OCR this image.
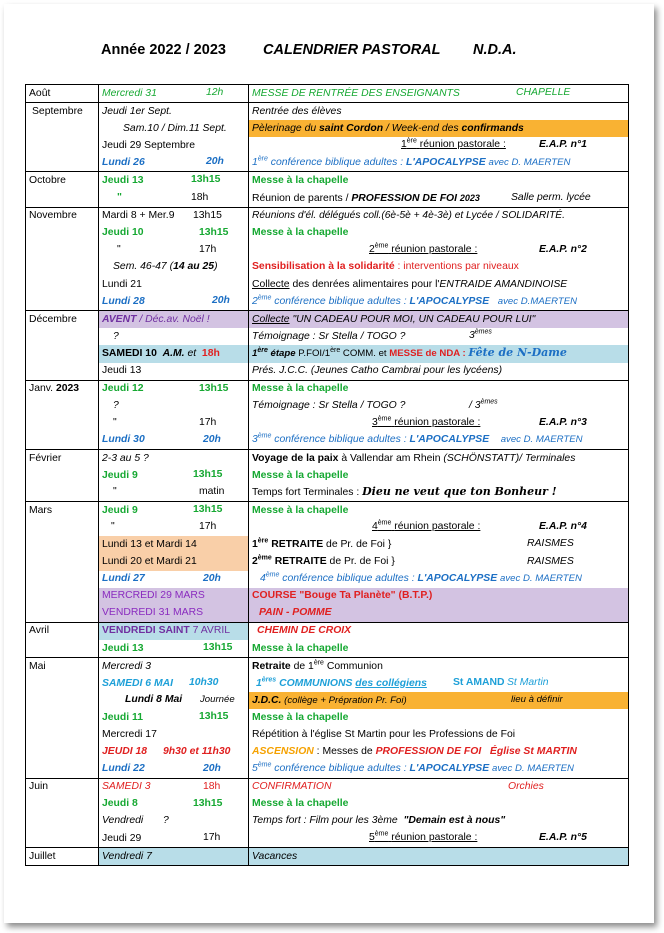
Année 2022 / 2023	CALENDRIER PASTORAL N.D.A.
Août	Mercredi 31 12h	MESSE DE RENTRÉE DES ENSEIGNANTS CHAPELLE

Septembre	Jeudi 1er Sept.	Rentrée des élèves
	Sam.10 / Dim.11 Sept.	Pèlerinage du saint Cordon / Week-end des confirmands
	Jeudi 29 Septembre	1ère réunion pastorale : E.A.P. n°1

	Lundi 26 20h	1ère conférence biblique adultes : L'APOCALYPSE avec D. MAERTEN
Octobre	Jeudi 13 13h15	Messe à la chapelle

	" 18h	Réunion de parents / PROFESSION DE FOI 2023 Salle perm. lycée

Novembre	Mardi 8 + Mer.9 13h15	Réunions d'él. délégués coll.(6è-5è + 4è-3è) et Lycée / SOLIDARITÉ.
	Jeudi 10 13h15	Messe à la chapelle

	" 17h	2ème réunion pastorale : E.A.P. n°2

	Sem. 46-47 (14 au 25)	Sensibilisation à la solidarité : interventions par niveaux
	Lundi 21	Collecte des denrées alimentaires pour l'ENTRAIDE AMANDINOISE
	Lundi 28 20h	2ème conférence biblique adultes : L'APOCALYPSE avec D.MAERTEN
Décembre	AVENT / Déc.av. Noël !	Collecte "UN CADEAU POUR MOI, UN CADEAU POUR LUI"
	?	Témoignage : Sr Stella / TOGO ? 3èmes

	SAMEDI 10 A.M. et 18h	1ère étape P.FOI/1ère COMM. et MESSE de NDA : Fête de N-Dame
	Jeudi 13	Prés. J.C.C. (Jeunes Catho Cambrai pour les lycéens)
Janv. 2023	Jeudi 12 13h15	Messe à la chapelle
	?	Témoignage : Sr Stella / TOGO ? / 3èmes

	" 17h	3ème réunion pastorale : E.A.P. n°3

	Lundi 30 20h	3ème conférence biblique adultes : L'APOCALYPSE avec D. MAERTEN
Février	2-3 au 5 ?	Voyage de la paix à Vallendar am Rhein (SCHÖNSTATT)/ Terminales
	Jeudi 9 13h15	Messe à la chapelle

	" matin	Temps fort Terminales : Dieu ne veut que ton Bonheur !
Mars	Jeudi 9 13h15	Messe à la chapelle

	" 17h	4ème réunion pastorale : E.A.P. n°4

	Lundi 13 et Mardi 14	1ère RETRAITE de Pr. de Foi } RAISMES

	Lundi 20 et Mardi 21	2ème RETRAITE de Pr. de Foi } RAISMES

	Lundi 27 20h	4ème conférence biblique adultes : L'APOCALYPSE avec D. MAERTEN
	MERCREDI 29 MARS	COURSE "Bouge Ta Planète" (B.T.P.)
	VENDREDI 31 MARS	PAIN - POMME
Avril	VENDREDI SAINT 7 AVRIL	CHEMIN DE CROIX
	Jeudi 13 13h15	Messe à la chapelle
Mai	Mercredi 3	Retraite de 1ère Communion
	SAMEDI 6 MAI 10h30	1ères COMMUNIONS des collégiens St AMAND St Martin

	Lundi 8 Mai Journée	J.D.C. (collège + Prépration Pr. Foi) lieu à définir

	Jeudi 11 13h15	Messe à la chapelle
	Mercredi 17	Répétition à l'église St Martin pour les Professions de Foi
	JEUDI 18 9h30 et 11h30	ASCENSION : Messes de PROFESSION DE FOI Église St MARTIN
	Lundi 22 20h	5ème conférence biblique adultes : L'APOCALYPSE avec D. MAERTEN
Juin	SAMEDI 3 18h	CONFIRMATION Orchies

	Jeudi 8 13h15	Messe à la chapelle
	Vendredi ?	Temps fort : Film pour les 3ème "Demain est à nous"
	Jeudi 29 17h	5ème réunion pastorale : E.A.P. n°5

Juillet	Vendredi 7	Vacances
